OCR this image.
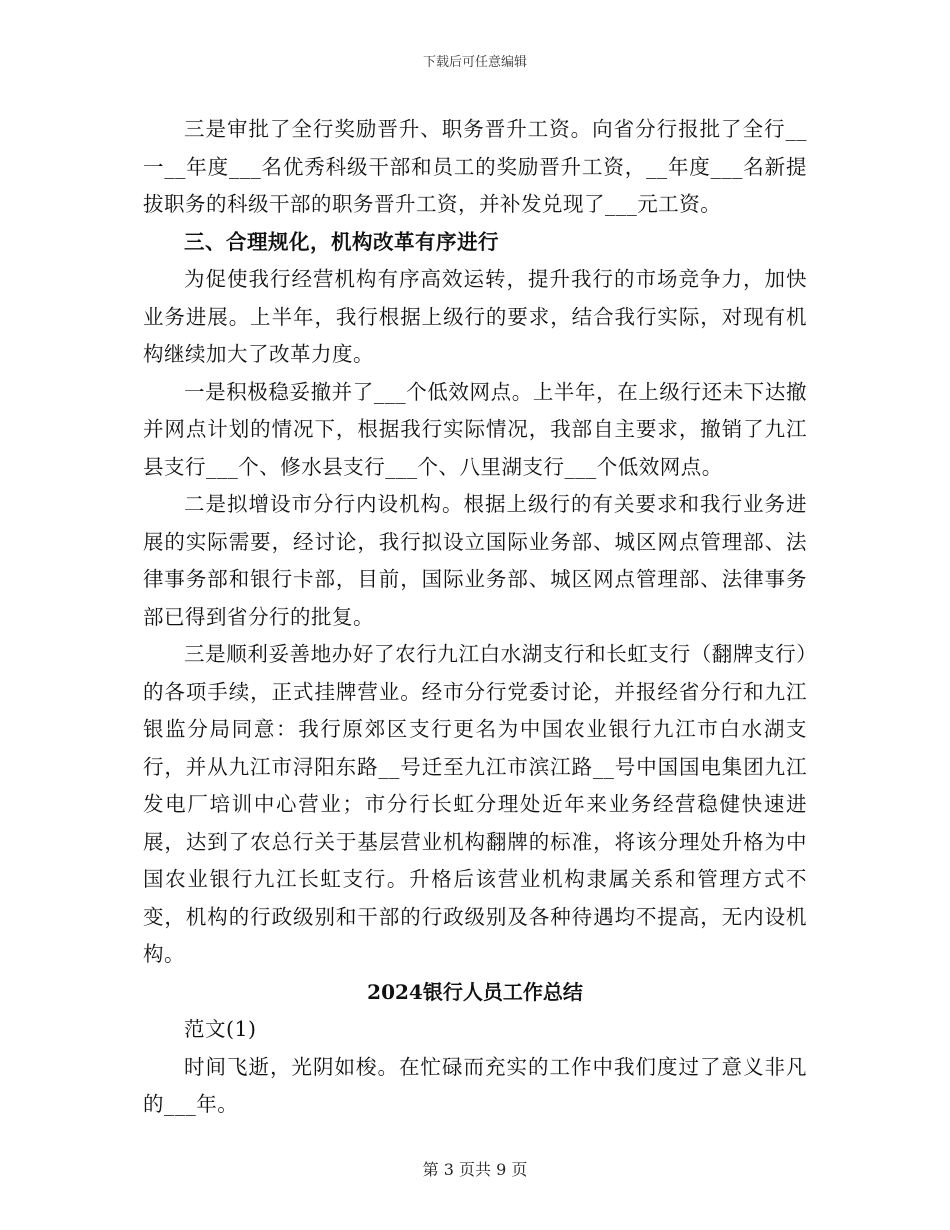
下载后可任意编辑

三是审批了全行奖励晋升、职务晋升工资。向省分行报批了全行__一__年度___名优秀科级干部和员工的奖励晋升工资，__年度___名新提拔职务的科级干部的职务晋升工资，并补发兑现了___元工资。

三、合理规化，机构改革有序进行

为促使我行经营机构有序高效运转，提升我行的市场竞争力，加快业务进展。上半年，我行根据上级行的要求，结合我行实际，对现有机构继续加大了改革力度。

一是积极稳妥撤并了___个低效网点。上半年，在上级行还未下达撤并网点计划的情况下，根据我行实际情况，我部自主要求，撤销了九江县支行___个、修水县支行___个、八里湖支行___个低效网点。

二是拟增设市分行内设机构。根据上级行的有关要求和我行业务进展的实际需要，经讨论，我行拟设立国际业务部、城区网点管理部、法律事务部和银行卡部，目前，国际业务部、城区网点管理部、法律事务部已得到省分行的批复。

三是顺利妥善地办好了农行九江白水湖支行和长虹支行（翻牌支行）的各项手续，正式挂牌营业。经市分行党委讨论，并报经省分行和九江银监分局同意：我行原郊区支行更名为中国农业银行九江市白水湖支行，并从九江市浔阳东路__号迁至九江市滨江路__号中国国电集团九江发电厂培训中心营业；市分行长虹分理处近年来业务经营稳健快速进展，达到了农总行关于基层营业机构翻牌的标准，将该分理处升格为中国农业银行九江长虹支行。升格后该营业机构隶属关系和管理方式不变，机构的行政级别和干部的行政级别及各种待遇均不提高，无内设机构。

2024银行人员工作总结

范文(1)

时间飞逝，光阴如梭。在忙碌而充实的工作中我们度过了意义非凡的___年。

第 3 页共 9 页
